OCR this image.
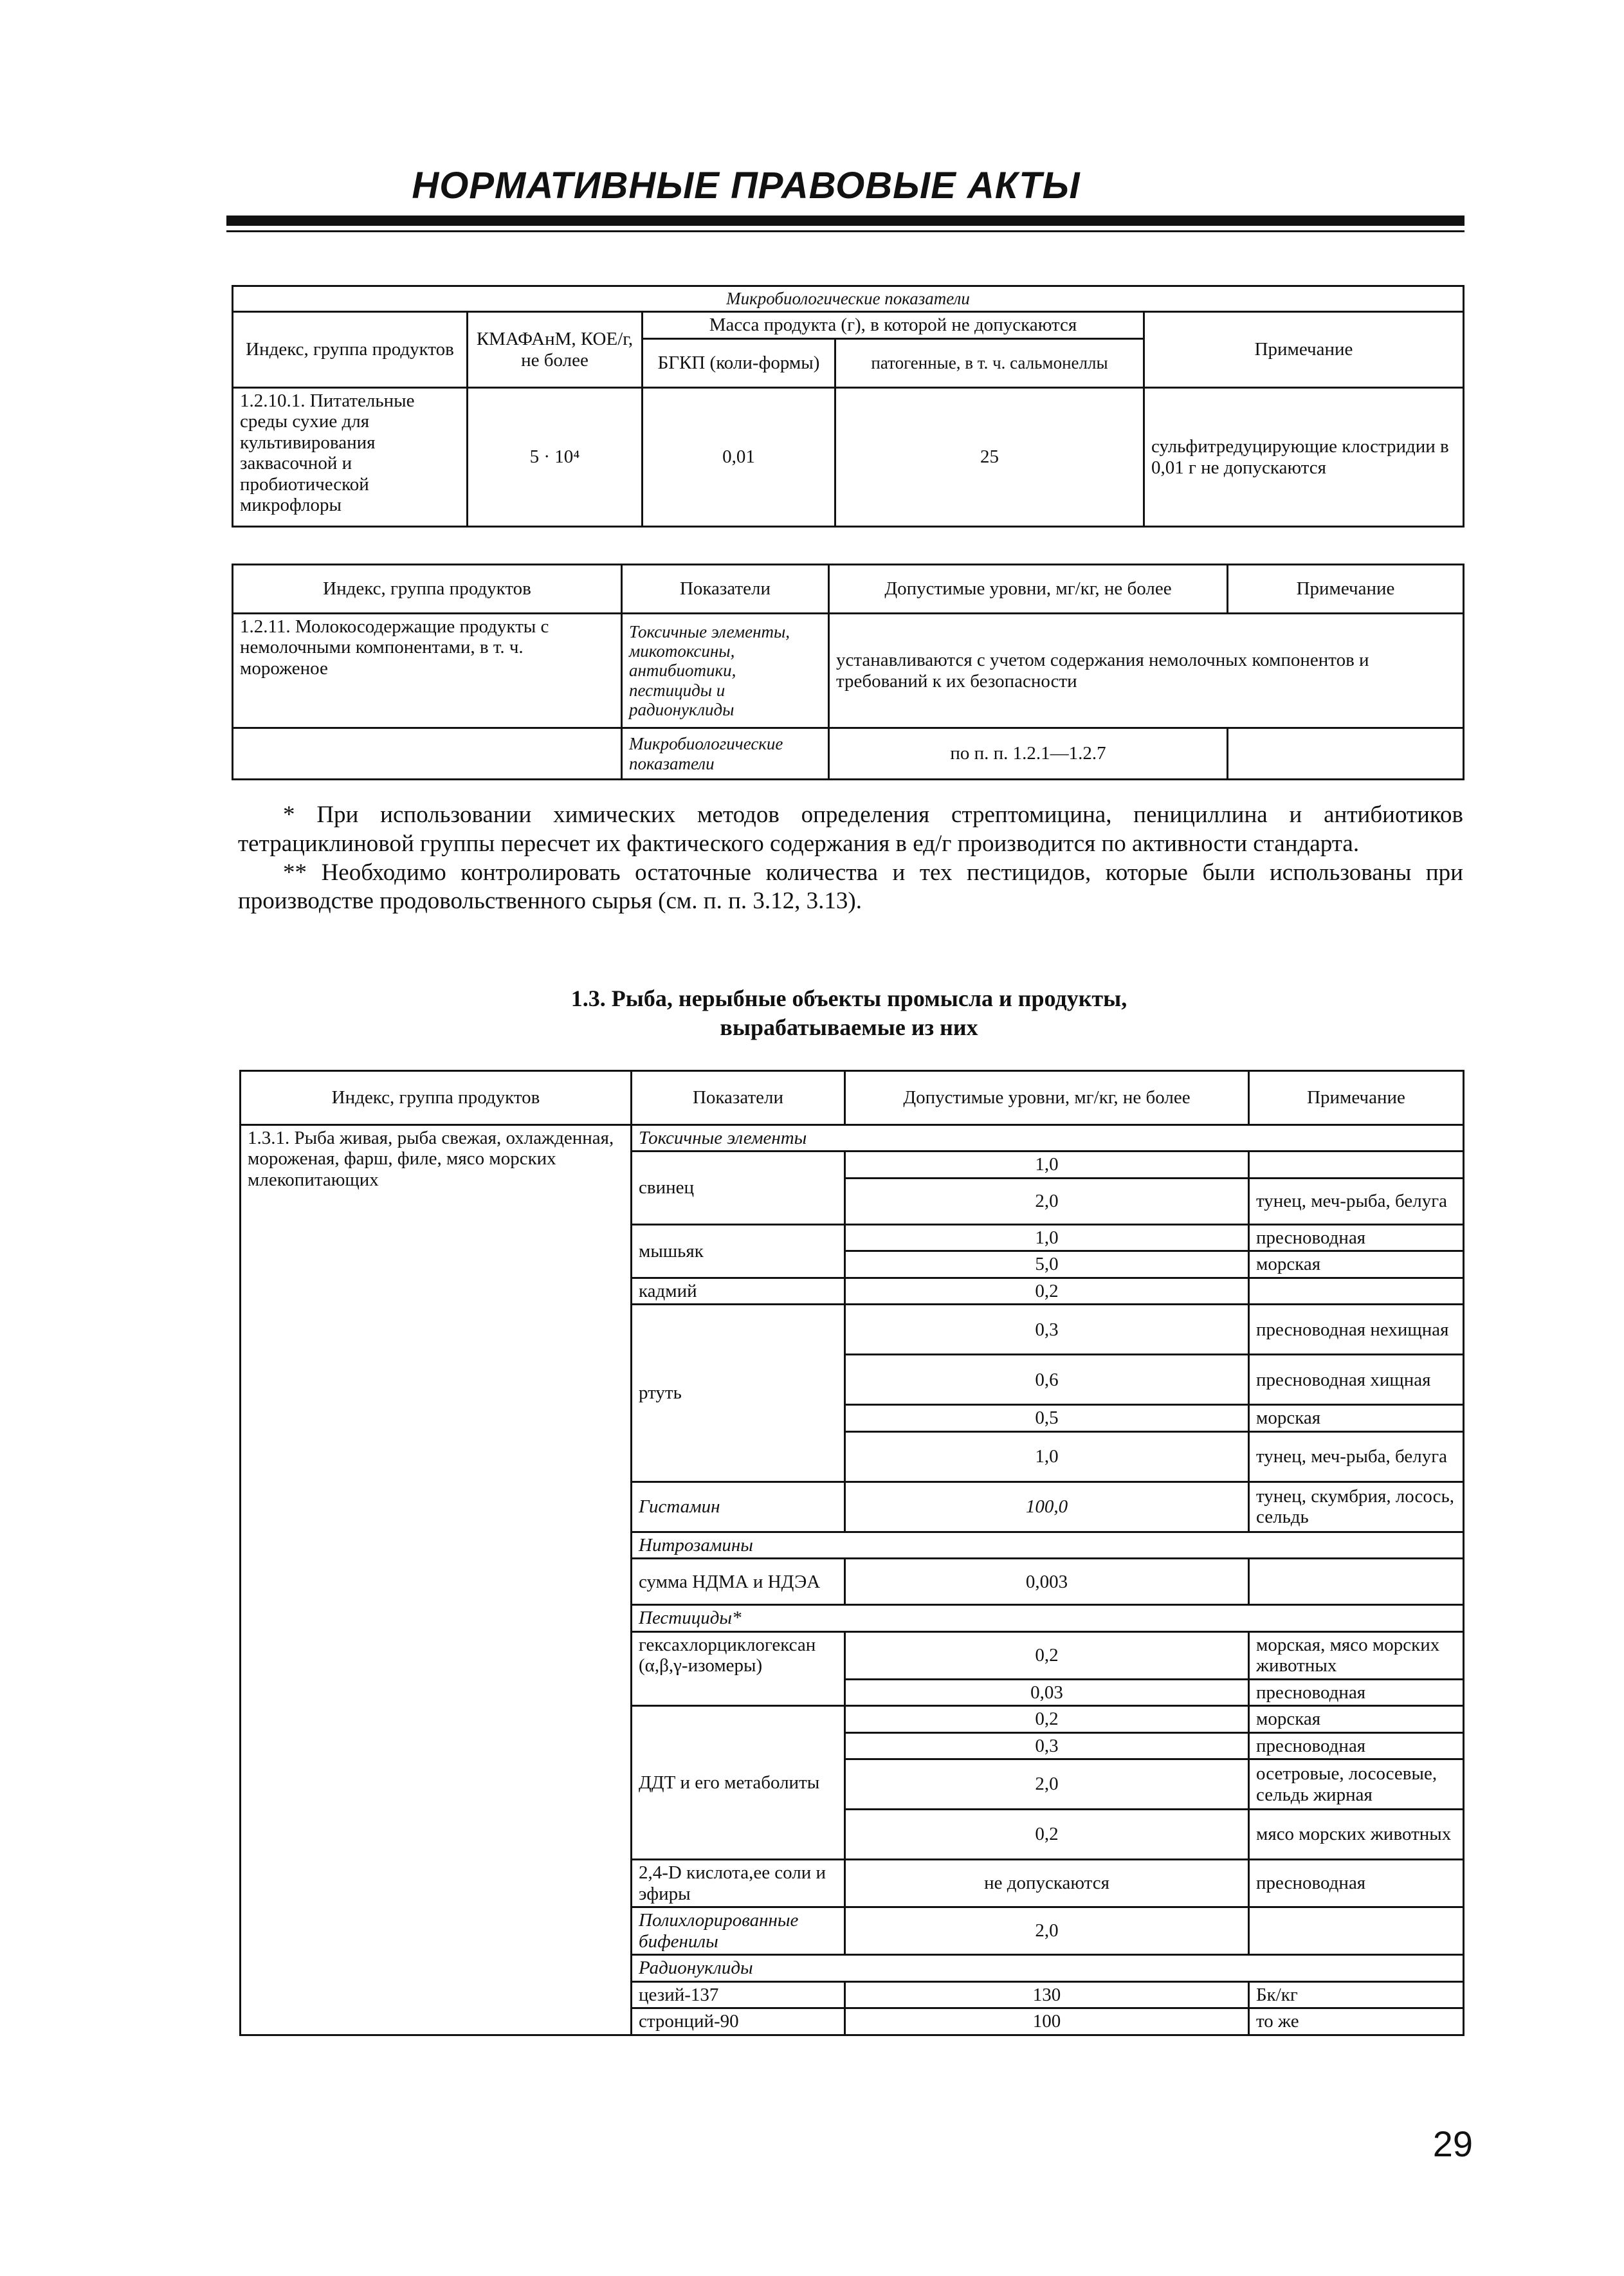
НОРМАТИВНЫЕ ПРАВОВЫЕ АКТЫ
Микробиологические показатели				
Индекс, группа продуктов	КМАФАнМ, КОЕ/г, не более	Масса продукта (г), в которой не допускаются		Примечание
		БГКП (коли-формы)	патогенные, в т. ч. сальмонеллы	
1.2.10.1. Питательные среды сухие для культивирования заквасочной и пробиотической микрофлоры	5 · 10⁴	0,01	25	сульфитредуцирующие клостридии в 0,01 г не допускаются
Индекс, группа продуктов	Показатели	Допустимые уровни, мг/кг, не более	Примечание
1.2.11. Молокосодержащие продукты с немолочными компонентами, в т. ч. мороженое	Токсичные элементы, микотоксины, антибиотики, пестициды и радионуклиды	устанавливаются с учетом содержания немолочных компонентов и требований к их безопасности	
	Микробиологические показатели	по п. п. 1.2.1—1.2.7	

* При использовании химических методов определения стрептомицина, пенициллина и антибиотиков тетрациклиновой группы пересчет их фактического содержания в ед/г производится по активности стандарта.

** Необходимо контролировать остаточные количества и тех пестицидов, которые были использованы при производстве продовольственного сырья (см. п. п. 3.12, 3.13).

1.3. Рыба, нерыбные объекты промысла и продукты,
вырабатываемые из них
Индекс, группа продуктов	Показатели	Допустимые уровни, мг/кг, не более	Примечание
1.3.1. Рыба живая, рыба свежая, охлажденная, мороженая, фарш, филе, мясо морских млекопитающих	Токсичные элементы		
	свинец	1,0	
		2,0	тунец, меч-рыба, белуга
	мышьяк	1,0	пресноводная
		5,0	морская
	кадмий	0,2	
	ртуть	0,3	пресноводная нехищная
		0,6	пресноводная хищная
		0,5	морская
		1,0	тунец, меч-рыба, белуга
	Гистамин	100,0	тунец, скумбрия, лосось, сельдь
	Нитрозамины		
	сумма НДМА и НДЭА	0,003	
	Пестициды*		
	гексахлорциклогексан (α,β,γ-изомеры)	0,2	морская, мясо морских животных
		0,03	пресноводная
	ДДТ и его метаболиты	0,2	морская
		0,3	пресноводная
		2,0	осетровые, лососевые, сельдь жирная
		0,2	мясо морских животных
	2,4-D кислота,ее соли и эфиры	не допускаются	пресноводная
	Полихлорированные бифенилы	2,0	
	Радионуклиды		
	цезий-137	130	Бк/кг
	стронций-90	100	то же
29
